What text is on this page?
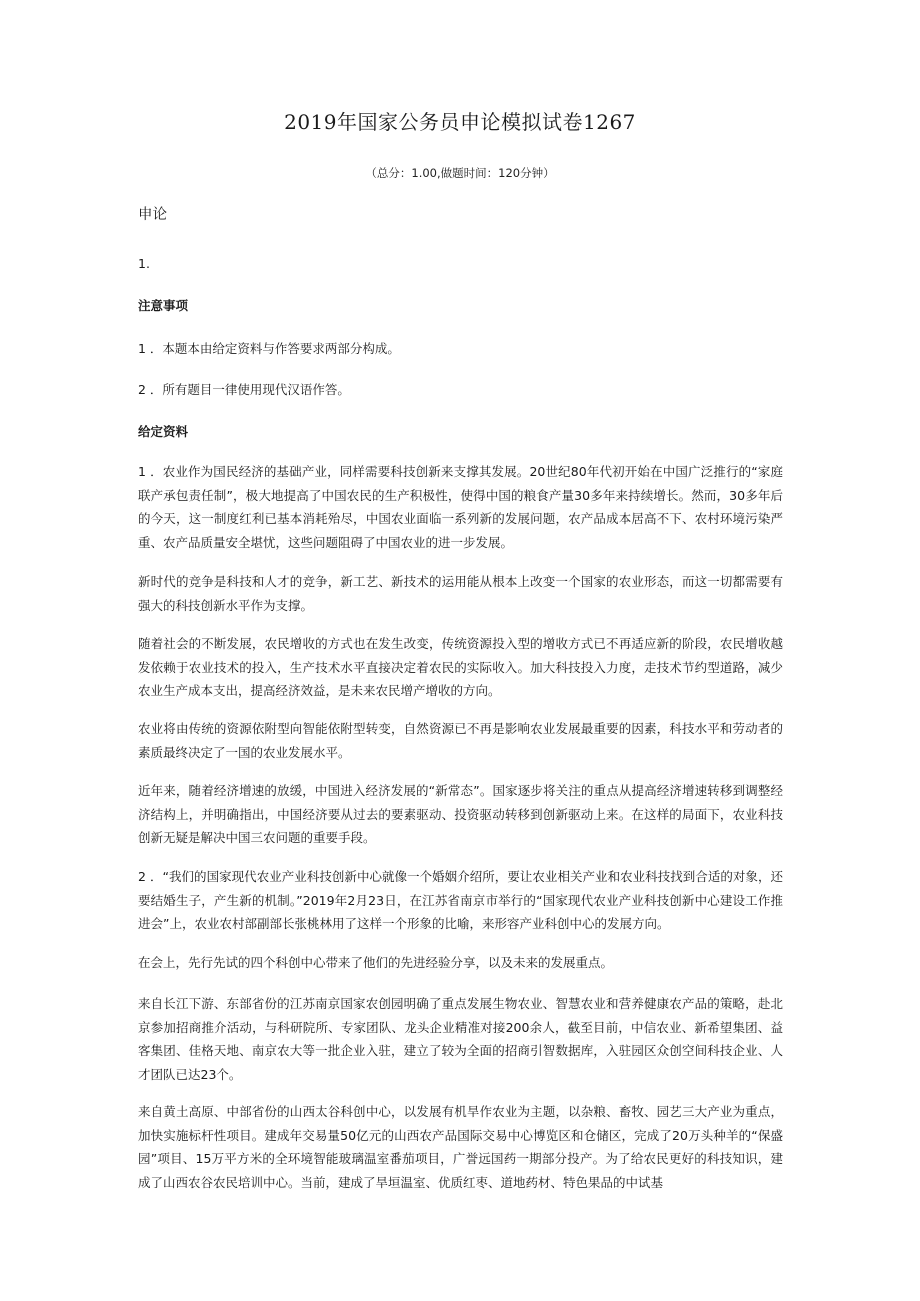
2019年国家公务员申论模拟试卷1267
（总分：1.00,做题时间：120分钟）
申论
1.
注意事项
1 ．本题本由给定资料与作答要求两部分构成。
2 ．所有题目一律使用现代汉语作答。
给定资料
1 ．农业作为国民经济的基础产业，同样需要科技创新来支撑其发展。20世纪80年代初开始在中国广泛推行的“家庭联产承包责任制”，极大地提高了中国农民的生产积极性，使得中国的粮食产量30多年来持续增长。然而，30多年后的今天，这一制度红利已基本消耗殆尽，中国农业面临一系列新的发展问题，农产品成本居高不下、农村环境污染严重、农产品质量安全堪忧，这些问题阻碍了中国农业的进一步发展。
新时代的竞争是科技和人才的竞争，新工艺、新技术的运用能从根本上改变一个国家的农业形态，而这一切都需要有强大的科技创新水平作为支撑。
随着社会的不断发展，农民增收的方式也在发生改变，传统资源投入型的增收方式已不再适应新的阶段，农民增收越发依赖于农业技术的投入，生产技术水平直接决定着农民的实际收入。加大科技投入力度，走技术节约型道路，减少农业生产成本支出，提高经济效益，是未来农民增产增收的方向。
农业将由传统的资源依附型向智能依附型转变，自然资源已不再是影响农业发展最重要的因素，科技水平和劳动者的素质最终决定了一国的农业发展水平。
近年来，随着经济增速的放缓，中国进入经济发展的“新常态”。国家逐步将关注的重点从提高经济增速转移到调整经济结构上，并明确指出，中国经济要从过去的要素驱动、投资驱动转移到创新驱动上来。在这样的局面下，农业科技创新无疑是解决中国三农问题的重要手段。
2 ．“我们的国家现代农业产业科技创新中心就像一个婚姻介绍所，要让农业相关产业和农业科技找到合适的对象，还要结婚生子，产生新的机制。”2019年2月23日，在江苏省南京市举行的“国家现代农业产业科技创新中心建设工作推进会”上，农业农村部副部长张桃林用了这样一个形象的比喻，来形容产业科创中心的发展方向。
在会上，先行先试的四个科创中心带来了他们的先进经验分享，以及未来的发展重点。
来自长江下游、东部省份的江苏南京国家农创园明确了重点发展生物农业、智慧农业和营养健康农产品的策略，赴北京参加招商推介活动，与科研院所、专家团队、龙头企业精准对接200余人，截至目前，中信农业、新希望集团、益客集团、佳格天地、南京农大等一批企业入驻，建立了较为全面的招商引智数据库，入驻园区众创空间科技企业、人才团队已达23个。
来自黄土高原、中部省份的山西太谷科创中心，以发展有机旱作农业为主题，以杂粮、畜牧、园艺三大产业为重点，加快实施标杆性项目。建成年交易量50亿元的山西农产品国际交易中心博览区和仓储区，完成了20万头种羊的“保盛园”项目、15万平方米的全环境智能玻璃温室番茄项目，广誉远国药一期部分投产。为了给农民更好的科技知识，建成了山西农谷农民培训中心。当前，建成了旱垣温室、优质红枣、道地药材、特色果品的中试基
